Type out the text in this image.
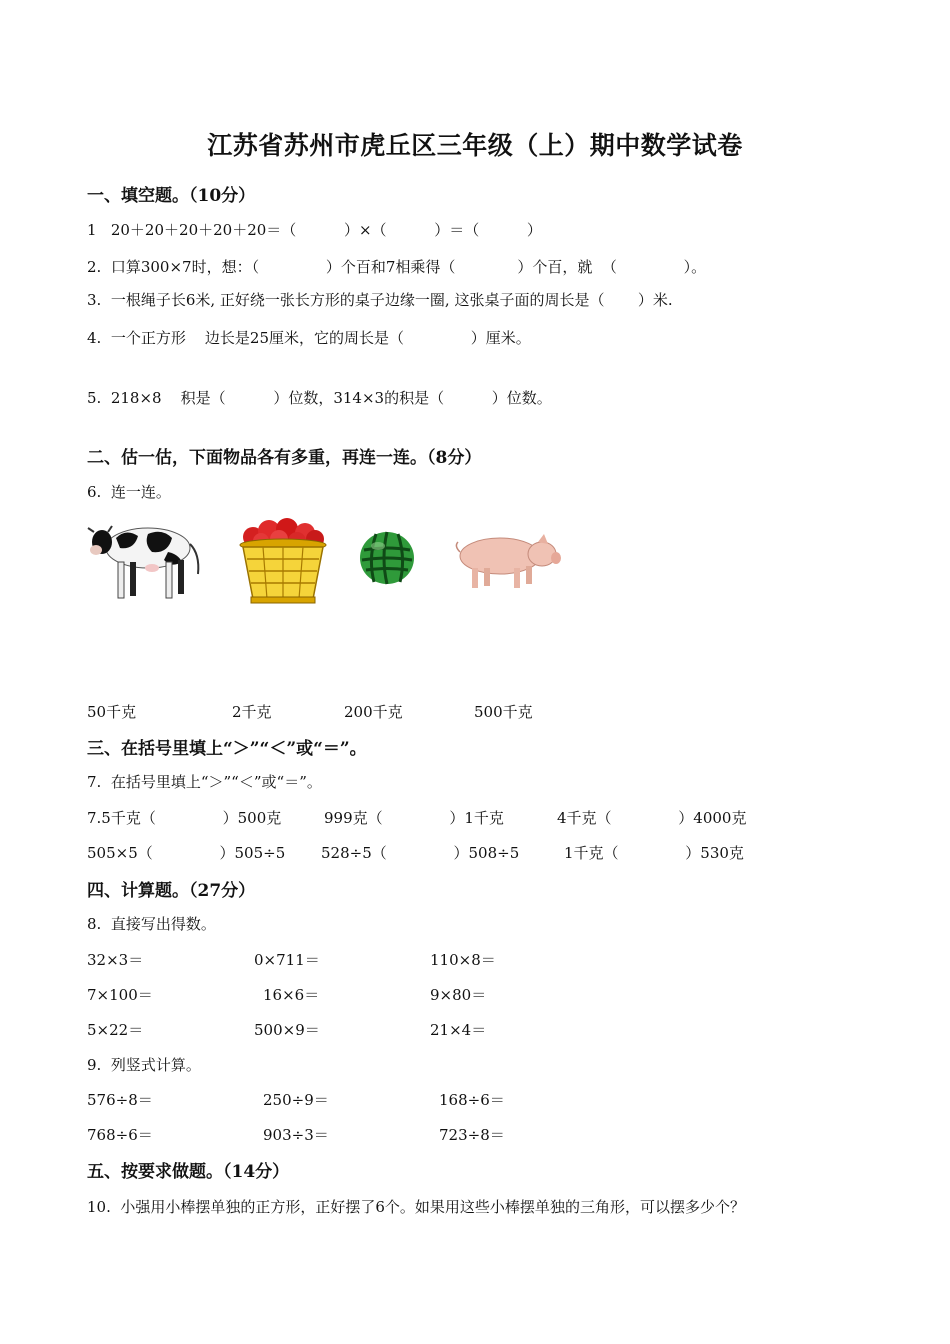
江苏省苏州市虎丘区三年级（上）期中数学试卷
一、填空题。（10分）
1   20＋20＋20＋20＋20＝（          ）×（          ）＝（          ）
2.  口算300×7时，想：（              ）个百和7相乘得（             ）个百，就  （              ）。
3.  一根绳子长6米, 正好绕一张长方形的桌子边缘一圈, 这张桌子面的周长是（       ）米.
4.  一个正方形    边长是25厘米，它的周长是（              ）厘米。
5.  218×8    积是（          ）位数，314×3的积是（          ）位数。
二、估一估，下面物品各有多重，再连一连。（8分）
6.  连一连。
50千克	2千克	200千克	500千克
三、在括号里填上“＞”“＜”或“＝”。
7.  在括号里填上“＞”“＜”或“＝”。
7.5千克（              ）500克	999克（              ）1千克	4千克（              ）4000克
505×5（              ）505÷5 528÷5（              ）508÷5	1千克（              ）530克
四、计算题。（27分）
8.  直接写出得数。
32×3＝	0×711＝	110×8＝
7×100＝	16×6＝	9×80＝
5×22＝	500×9＝	21×4＝
9.  列竖式计算。
576÷8＝	250÷9＝	168÷6＝
768÷6＝	903÷3＝	723÷8＝
五、按要求做题。（14分）
10.  小强用小棒摆单独的正方形，正好摆了6个。如果用这些小棒摆单独的三角形，可以摆多少个？
